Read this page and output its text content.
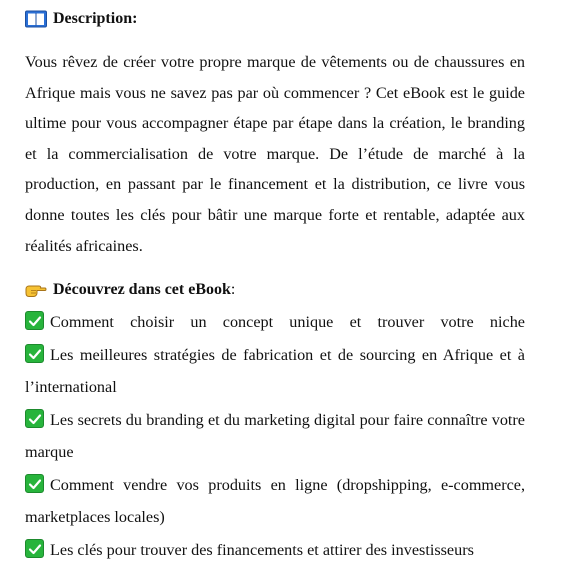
Description:
Vous rêvez de créer votre propre marque de vêtements ou de chaussures en Afrique mais vous ne savez pas par où commencer ? Cet eBook est le guide ultime pour vous accompagner étape par étape dans la création, le branding et la commercialisation de votre marque. De l’étude de marché à la production, en passant par le financement et la distribution, ce livre vous donne toutes les clés pour bâtir une marque forte et rentable, adaptée aux réalités africaines.
Découvrez dans cet eBook :
Comment choisir un concept unique et trouver votre niche
Les meilleures stratégies de fabrication et de sourcing en Afrique et à l’international
Les secrets du branding et du marketing digital pour faire connaître votre marque
Comment vendre vos produits en ligne (dropshipping, e-commerce, marketplaces locales)
Les clés pour trouver des financements et attirer des investisseurs
